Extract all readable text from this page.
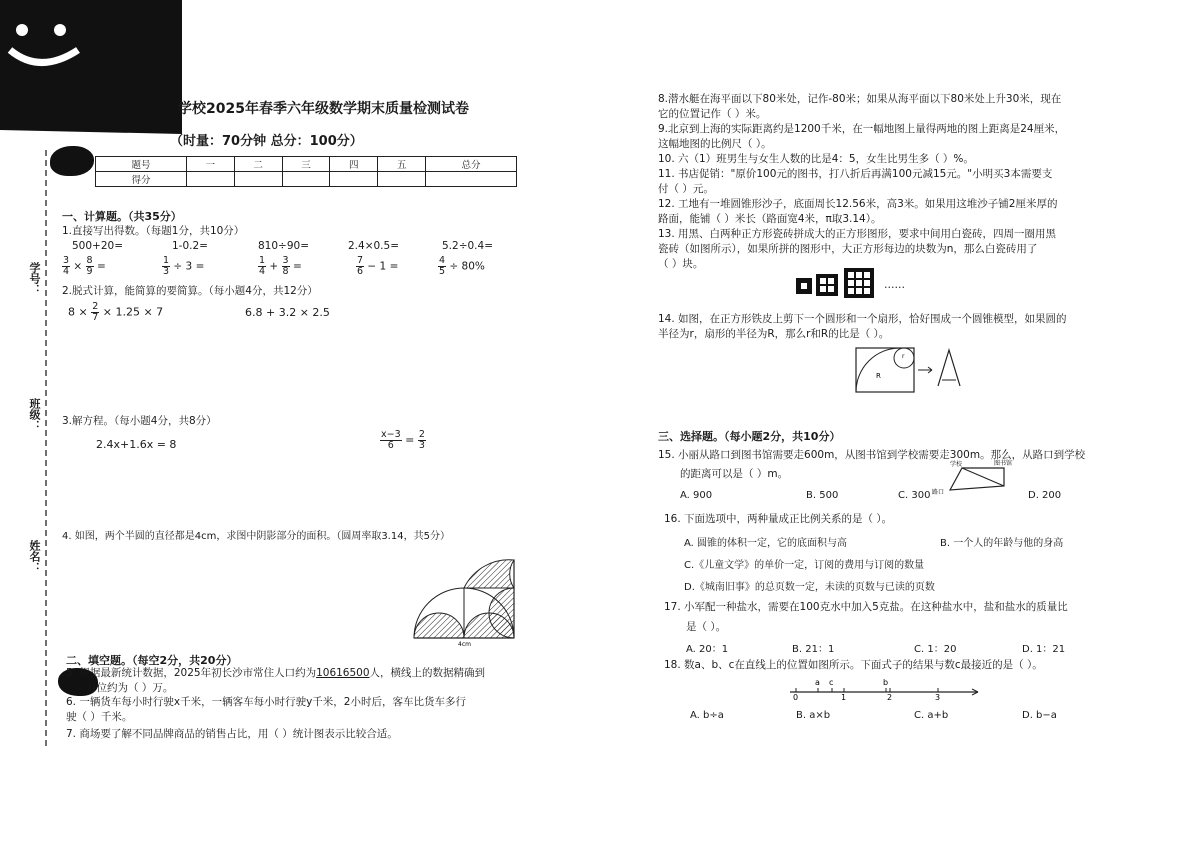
学号：
班级：
姓名：
学校2025年春季六年级数学期末质量检测试卷
（时量：70分钟 总分：100分）
题号	一	二	三	四	五	总分
得分						
一、计算题。（共35分）
1.直接写出得数。（每题1分，共10分）
500+20=	1-0.2=	810÷90=	2.4×0.5=	5.2÷0.4=
$\frac{3}{4} \times \frac{8}{9}$ =	$\frac{1}{3} \div 3$ =	$\frac{1}{4} + \frac{3}{8}$ =	$\frac{7}{6} - 1$ =	$\frac{4}{5} \div 80\%$
2.脱式计算，能简算的要简算。（每小题4分，共12分）
$8 \times \frac{2}{7} \times 1.25 \times 7$	6.8 + 3.2 × 2.5
3.解方程。（每小题4分，共8分）
2.4x+1.6x = 8	$\frac{x-3}{6} = \frac{2}{3}$
4. 如图，两个半圆的直径都是4cm，求图中阴影部分的面积。（圆周率取3.14，共5分）
4cm
二、填空题。（每空2分，共20分）
5. 根据最新统计数据，2025年初长沙市常住人口约为10616500人，横线上的数据精确到
万位约为（ ）万。
6. 一辆货车每小时行驶x千米，一辆客车每小时行驶y千米，2小时后，客车比货车多行
驶（ ）千米。
7. 商场要了解不同品牌商品的销售占比，用（ ）统计图表示比较合适。
8.潜水艇在海平面以下80米处，记作-80米；如果从海平面以下80米处上升30米，现在
它的位置记作（ ）米。
9.北京到上海的实际距离约是1200千米，在一幅地图上量得两地的图上距离是24厘米，
这幅地图的比例尺（ ）。
10. 六（1）班男生与女生人数的比是4：5，女生比男生多（ ）%。
11. 书店促销："原价100元的图书，打八折后再满100元减15元。"小明买3本需要支
付（ ）元。
12. 工地有一堆圆锥形沙子，底面周长12.56米，高3米。如果用这堆沙子铺2厘米厚的
路面，能铺（ ）米长（路面宽4米，π取3.14）。
13. 用黑、白两种正方形瓷砖拼成大的正方形图形，要求中间用白瓷砖，四周一圈用黑
瓷砖（如图所示），如果所拼的图形中，大正方形每边的块数为n，那么白瓷砖用了
（ ）块。
……
14. 如图，在正方形铁皮上剪下一个圆形和一个扇形，恰好围成一个圆锥模型，如果圆的
半径为r，扇形的半径为R，那么r和R的比是（ ）。
R
r
三、选择题。（每小题2分，共10分）
15. 小丽从路口到图书馆需要走600m，从图书馆到学校需要走300m。那么，从路口到学校
的距离可以是（ ）m。
学校	图书馆
路口
A. 900	B. 500	C. 300	D. 200
16. 下面选项中，两种量成正比例关系的是（ ）。
A. 圆锥的体积一定，它的底面积与高	B. 一个人的年龄与他的身高
C.《儿童文学》的单价一定，订阅的费用与订阅的数量
D.《城南旧事》的总页数一定，未读的页数与已读的页数
17. 小军配一种盐水，需要在100克水中加入5克盐。在这种盐水中，盐和盐水的质量比
是（ ）。
A. 20：1	B. 21：1	C. 1：20	D. 1：21
18. 数a、b、c在直线上的位置如图所示。下面式子的结果与数c最接近的是（ ）。
0
a c
1
b
2	3
A. b÷a	B. a×b	C. a+b	D. b−a
